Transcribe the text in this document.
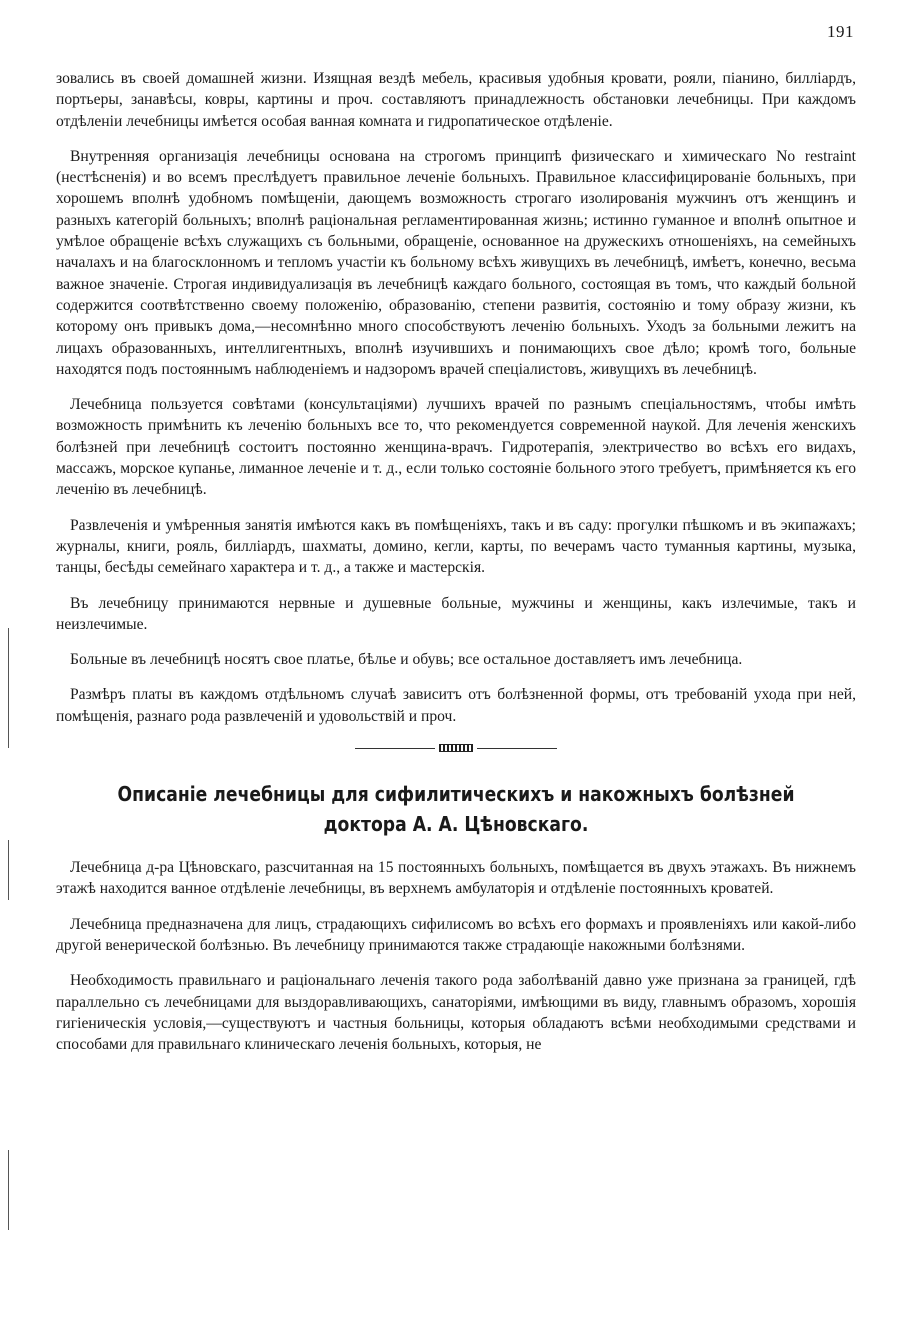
191

зовались въ своей домашней жизни. Изящная вездѣ мебель, красивыя удобныя кровати, рояли, піанино, билліардъ, портьеры, занавѣсы, ковры, картины и проч. составляютъ принадлежность обстановки лечебницы. При каждомъ отдѣленіи лечебницы имѣется особая ванная комната и гидропатическое отдѣленіе.

Внутренняя организація лечебницы основана на строгомъ принципѣ физическаго и химическаго No restraint (нестѣсненія) и во всемъ преслѣдуетъ правильное леченіе больныхъ. Правильное классифицированіе больныхъ, при хорошемъ вполнѣ удобномъ помѣщеніи, дающемъ возможность строгаго изолированія мужчинъ отъ женщинъ и разныхъ категорій больныхъ; вполнѣ раціональная регламентированная жизнь; истинно гуманное и вполнѣ опытное и умѣлое обращеніе всѣхъ служащихъ съ больными, обращеніе, основанное на дружескихъ отношеніяхъ, на семейныхъ началахъ и на благосклонномъ и тепломъ участіи къ больному всѣхъ живущихъ въ лечебницѣ, имѣетъ, конечно, весьма важное значеніе. Строгая индивидуализація въ лечебницѣ каждаго больного, состоящая въ томъ, что каждый больной содержится соотвѣтственно своему положенію, образованію, степени развитія, состоянію и тому образу жизни, къ которому онъ привыкъ дома,—несомнѣнно много способствуютъ леченію больныхъ. Уходъ за больными лежитъ на лицахъ образованныхъ, интеллигентныхъ, вполнѣ изучившихъ и понимающихъ свое дѣло; кромѣ того, больные находятся подъ постояннымъ наблюденіемъ и надзоромъ врачей спеціалистовъ, живущихъ въ лечебницѣ.

Лечебница пользуется совѣтами (консультаціями) лучшихъ врачей по разнымъ спеціальностямъ, чтобы имѣть возможность примѣнить къ леченію больныхъ все то, что рекомендуется современной наукой. Для леченія женскихъ болѣзней при лечебницѣ состоитъ постоянно женщина-врачъ. Гидротерапія, электричество во всѣхъ его видахъ, массажъ, морское купанье, лиманное леченіе и т. д., если только состояніе больного этого требуетъ, примѣняется къ его леченію въ лечебницѣ.

Развлеченія и умѣренныя занятія имѣются какъ въ помѣщеніяхъ, такъ и въ саду: прогулки пѣшкомъ и въ экипажахъ; журналы, книги, рояль, билліардъ, шахматы, домино, кегли, карты, по вечерамъ часто туманныя картины, музыка, танцы, бесѣды семейнаго характера и т. д., а также и мастерскія.

Въ лечебницу принимаются нервные и душевные больные, мужчины и женщины, какъ излечимые, такъ и неизлечимые.

Больные въ лечебницѣ носятъ свое платье, бѣлье и обувь; все остальное доставляетъ имъ лечебница.

Размѣръ платы въ каждомъ отдѣльномъ случаѣ зависитъ отъ болѣзненной формы, отъ требованій ухода при ней, помѣщенія, разнаго рода развлеченій и удовольствій и проч.

Описаніе лечебницы для сифилитическихъ и накожныхъ болѣзней
доктора А. А. Цѣновскаго.

Лечебница д-ра Цѣновскаго, разсчитанная на 15 постоянныхъ больныхъ, помѣщается въ двухъ этажахъ. Въ нижнемъ этажѣ находится ванное отдѣленіе лечебницы, въ верхнемъ амбулаторія и отдѣленіе постоянныхъ кроватей.

Лечебница предназначена для лицъ, страдающихъ сифилисомъ во всѣхъ его формахъ и проявленіяхъ или какой-либо другой венерической болѣзнью. Въ лечебницу принимаются также страдающіе накожными болѣзнями.

Необходимость правильнаго и раціональнаго леченія такого рода заболѣваній давно уже признана за границей, гдѣ параллельно съ лечебницами для выздоравливающихъ, санаторіями, имѣющими въ виду, главнымъ образомъ, хорошія гигіеническія условія,—существуютъ и частныя больницы, которыя обладаютъ всѣми необходимыми средствами и способами для правильнаго клиническаго леченія больныхъ, которыя, не
